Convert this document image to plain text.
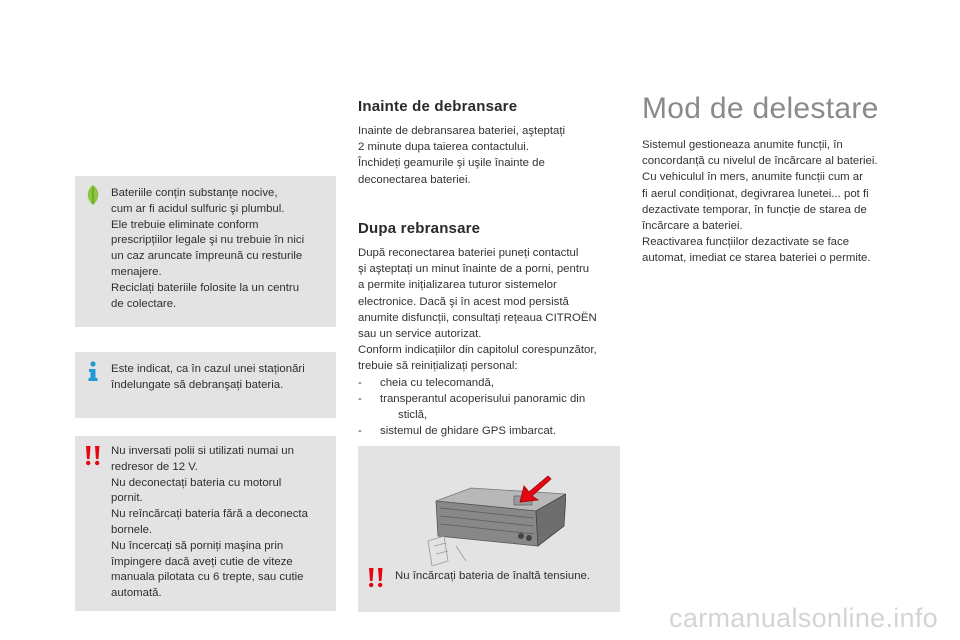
Bateriile conțin substanțe nocive,

cum ar fi acidul sulfuric şi plumbul.

Ele trebuie eliminate conform

prescripțiilor legale şi nu trebuie în nici

un caz aruncate împreună cu resturile

menajere.

Reciclați bateriile folosite la un centru

de colectare.

Este indicat, ca în cazul unei staționări

îndelungate să debranşați bateria.

Nu inversati polii si utilizati numai un

redresor de 12 V.

Nu deconectați bateria cu motorul

pornit.

Nu reîncărcați bateria fără a deconecta

bornele.

Nu încercați să porniți maşina prin

împingere dacă aveți cutie de viteze

manuala pilotata cu 6 trepte, sau cutie

automată.

Inainte de debransare

Inainte de debransarea bateriei, aşteptați

2 minute dupa taierea contactului.

Închideți geamurile şi uşile înainte de

deconectarea bateriei.

Dupa rebransare

După reconectarea bateriei puneți contactul

şi aşteptați un minut înainte de a porni, pentru

a permite inițializarea tuturor sistemelor

electronice. Dacă şi în acest mod persistă

anumite disfuncții, consultați rețeaua CITROËN

sau un service autorizat.

Conform indicațiilor din capitolul corespunzător,

trebuie să reinițializați personal:

-	cheia cu telecomandă,

-	transperantul acoperisului panoramic din

sticlă,

-	sistemul de ghidare GPS imbarcat.

Nu încărcați bateria de înaltă tensiune.
Mod de delestare

Sistemul gestioneaza anumite funcții, în

concordanță cu nivelul de încărcare al bateriei.

Cu vehiculul în mers, anumite funcții cum ar

fi aerul condiționat, degivrarea lunetei... pot fi

dezactivate temporar, în funcție de starea de

încărcare a bateriei.

Reactivarea funcțiilor dezactivate se face

automat, imediat ce starea bateriei o permite.

carmanualsonline.info
